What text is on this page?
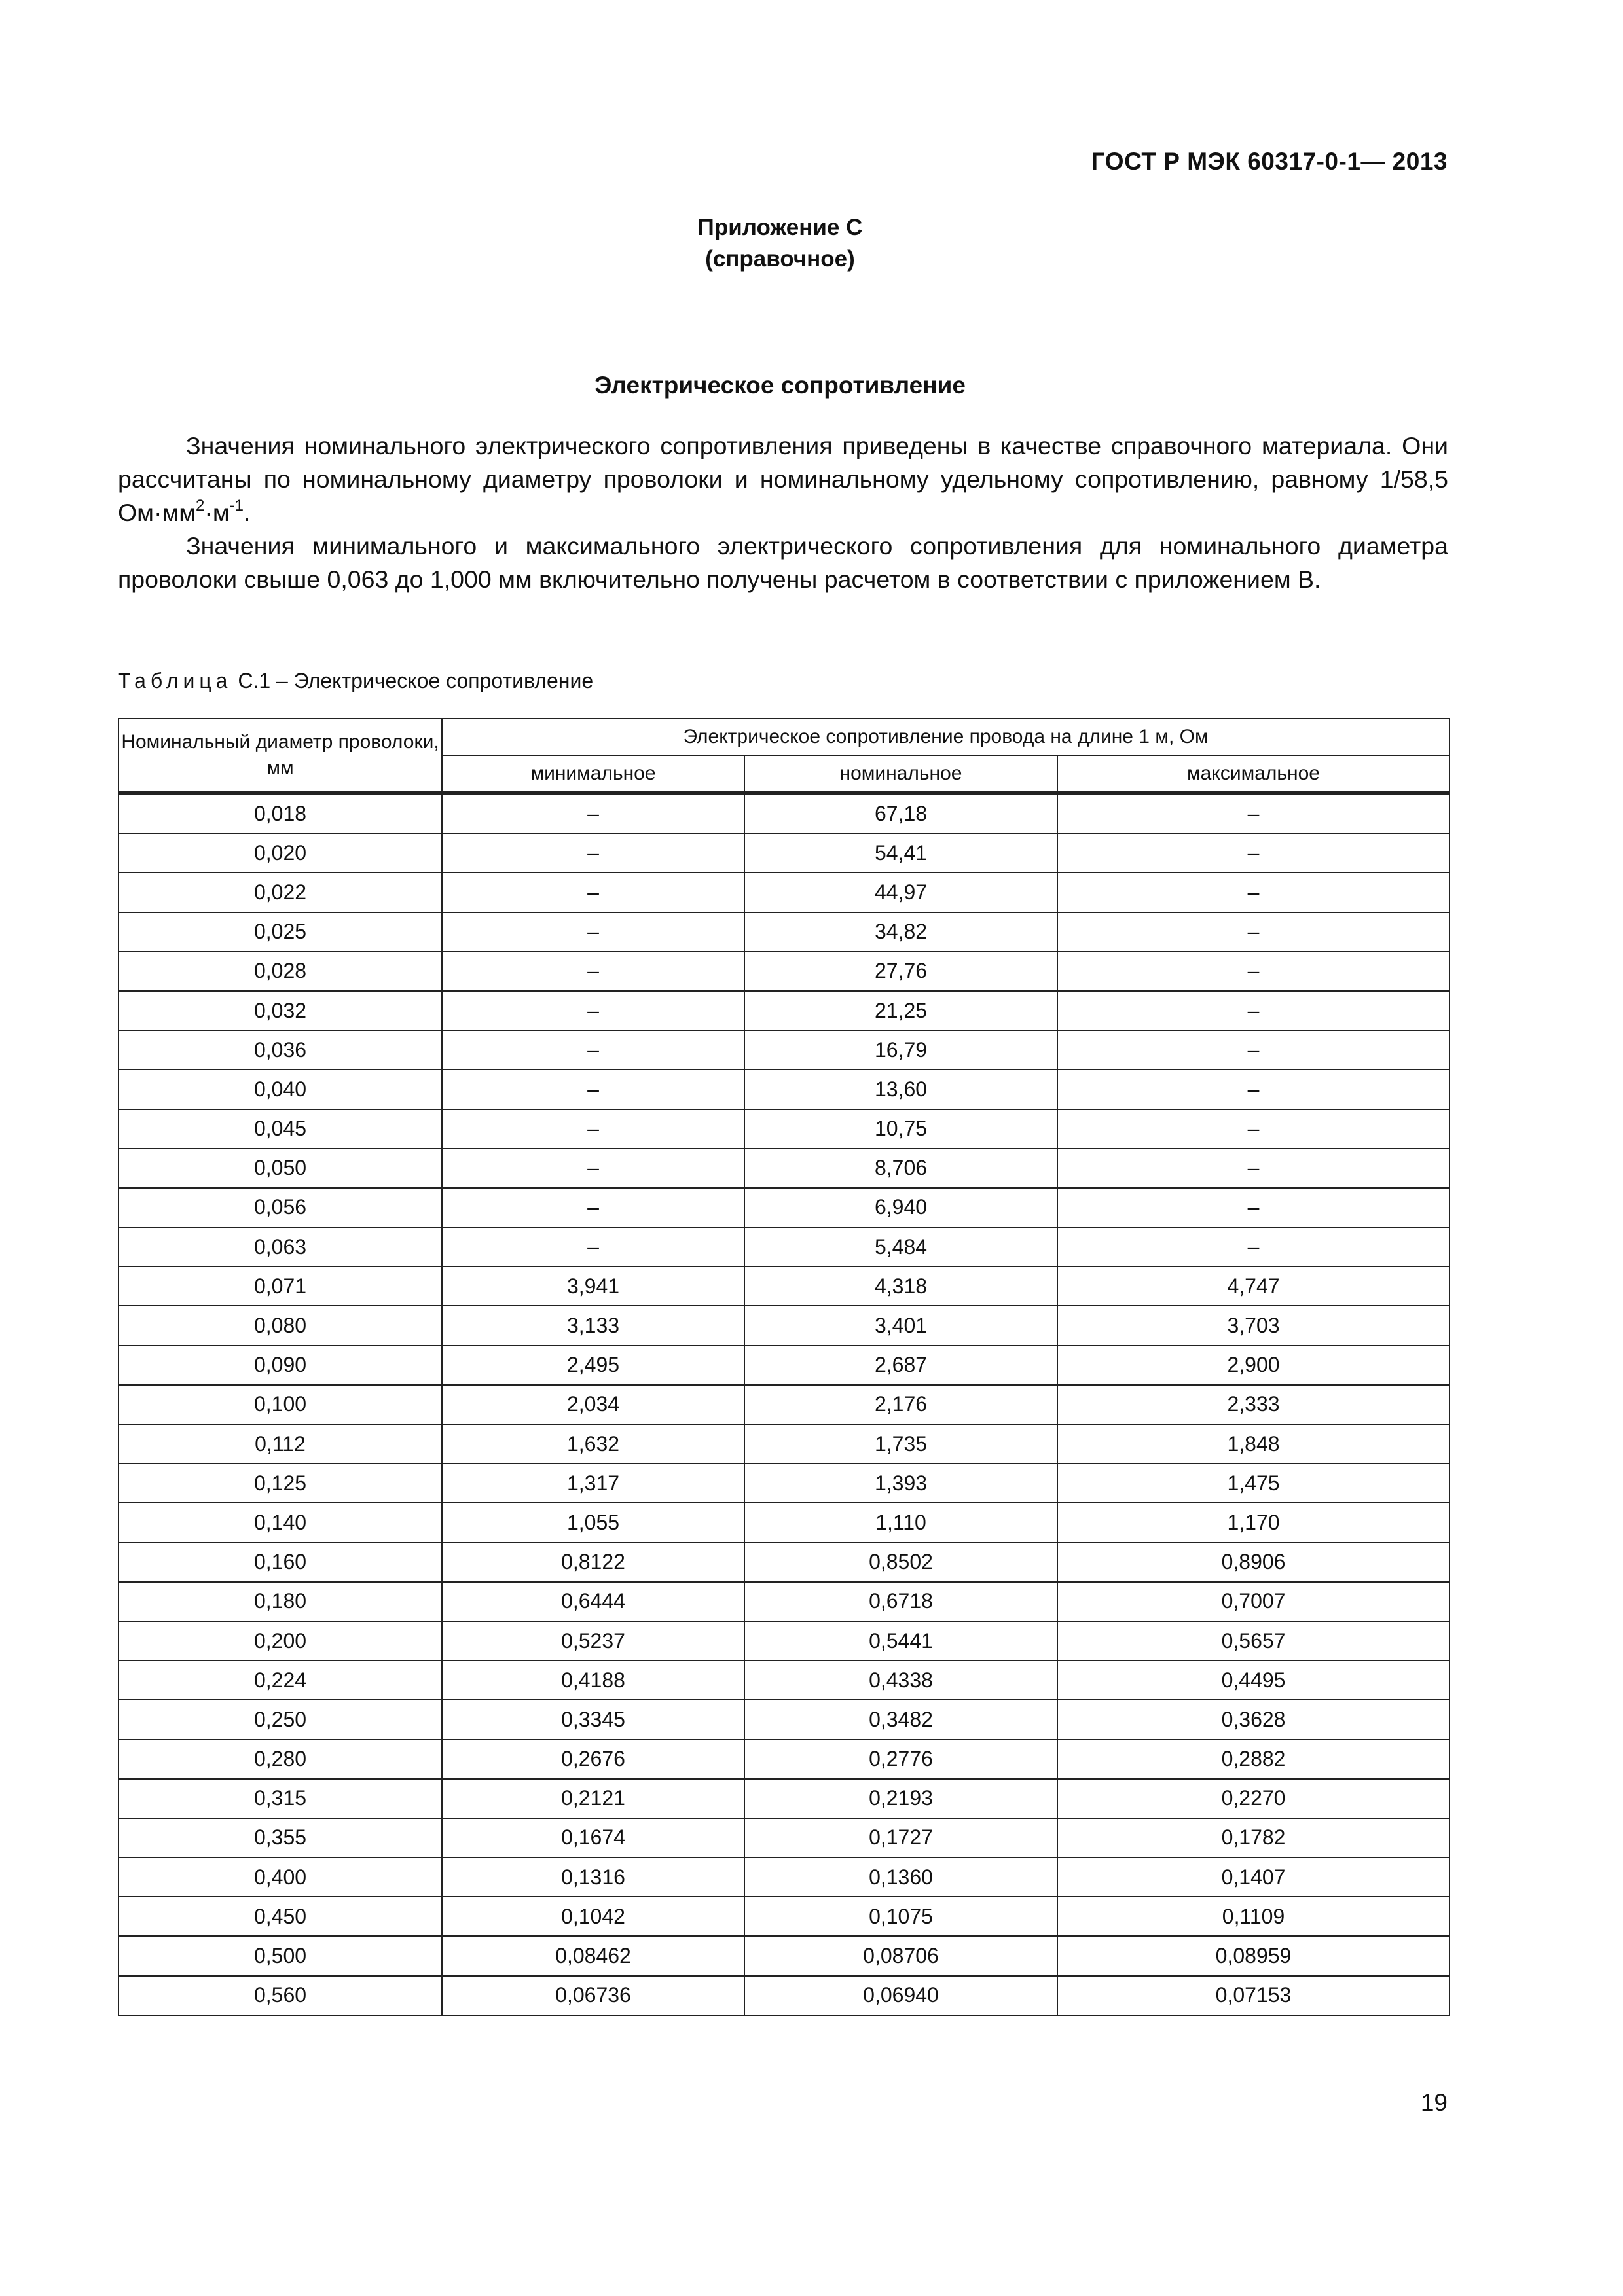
ГОСТ Р МЭК 60317-0-1— 2013
Приложение С
(справочное)
Электрическое сопротивление

Значения номинального электрического сопротивления приведены в качестве справочного материала. Они рассчитаны по номинальному диаметру проволоки и номинальному удельному сопротивлению, равному 1/58,5 $Ом\cdot мм^2\cdot м^{-1}$.

Значения минимального и максимального электрического сопротивления для номинального диаметра проволоки свыше 0,063 до 1,000 мм включительно получены расчетом в соответствии с приложением В.

Таблица С.1 – Электрическое сопротивление
Номинальный диаметр проволоки, мм	Электрическое сопротивление провода на длине 1 м, Ом		
	минимальное	номинальное	максимальное
0,018	–	67,18	–
0,020	–	54,41	–
0,022	–	44,97	–
0,025	–	34,82	–
0,028	–	27,76	–
0,032	–	21,25	–
0,036	–	16,79	–
0,040	–	13,60	–
0,045	–	10,75	–
0,050	–	8,706	–
0,056	–	6,940	–
0,063	–	5,484	–
0,071	3,941	4,318	4,747
0,080	3,133	3,401	3,703
0,090	2,495	2,687	2,900
0,100	2,034	2,176	2,333
0,112	1,632	1,735	1,848
0,125	1,317	1,393	1,475
0,140	1,055	1,110	1,170
0,160	0,8122	0,8502	0,8906
0,180	0,6444	0,6718	0,7007
0,200	0,5237	0,5441	0,5657
0,224	0,4188	0,4338	0,4495
0,250	0,3345	0,3482	0,3628
0,280	0,2676	0,2776	0,2882
0,315	0,2121	0,2193	0,2270
0,355	0,1674	0,1727	0,1782
0,400	0,1316	0,1360	0,1407
0,450	0,1042	0,1075	0,1109
0,500	0,08462	0,08706	0,08959
0,560	0,06736	0,06940	0,07153
19
